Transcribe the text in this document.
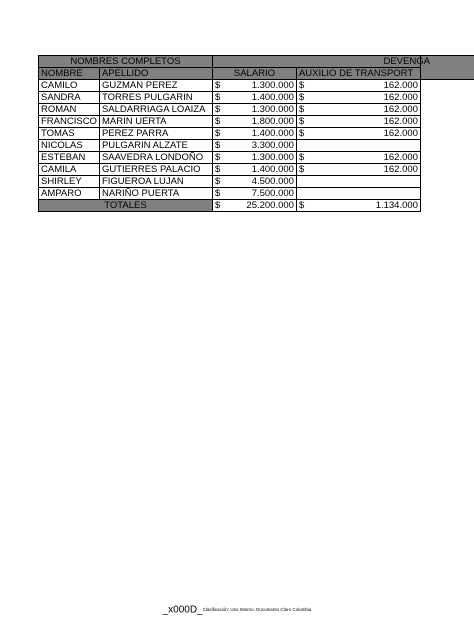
NOMBRES COMPLETOS		DEVENGA	
NOMBRE	APELLIDO	SALARIO	AUXILIO DE TRANSPORT
CAMILO	GUZMAN PEREZ	$ 1.300.000	$ 162.000

SANDRA	TORRES PULGARIN	$ 1.400.000	$ 162.000

ROMAN	SALDARRIAGA LOAIZA	$ 1.300.000	$ 162.000

FRANCISCO	MARIN UERTA	$ 1.800.000	$ 162.000

TOMAS	PEREZ PARRA	$ 1.400.000	$ 162.000

NICOLAS	PULGARIN ALZATE	$ 3.300.000	

ESTEBAN	SAAVEDRA LONDOÑO	$ 1.300.000	$ 162.000

CAMILA	GUTIERRES PALACIO	$ 1.400.000	$ 162.000

SHIRLEY	FIGUEROA LUJAN	$ 4.500.000	

AMPARO	NARIÑO PUERTA	$ 7.500.000	

TOTALES		$ 25.200.000	$ 1.134.000
_x000D_Clasificación: Uso Interno. Documento Claro Colombia
